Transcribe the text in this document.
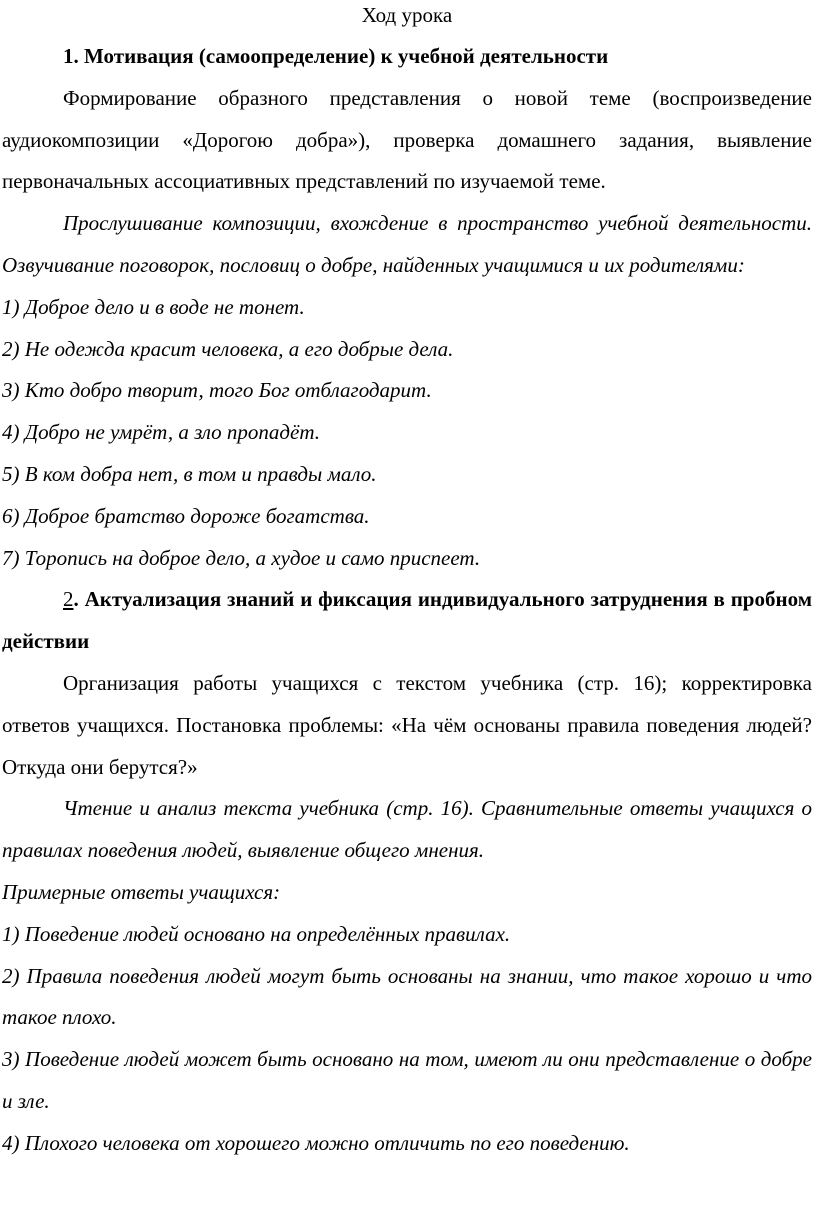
Ход урока

1. Мотивация (самоопределение) к учебной деятельности

Формирование образного представления о новой теме (воспроизведение аудиокомпозиции «Дорогою добра»), проверка домашнего задания, выявление первоначальных ассоциативных представлений по изучаемой теме.

Прослушивание композиции, вхождение в пространство учебной деятельности. Озвучивание поговорок, пословиц о добре, найденных учащимися и их родителями:

1) Доброе дело и в воде не тонет.

2) Не одежда красит человека, а его добрые дела.

3) Кто добро творит, того Бог отблагодарит.

4) Добро не умрёт, а зло пропадёт.

5) В ком добра нет, в том и правды мало.

6) Доброе братство дороже богатства.

7) Торопись на доброе дело, а худое и само приспеет.

2. Актуализация знаний и фиксация индивидуального затруднения в пробном действии

Организация работы учащихся с текстом учебника (стр. 16); корректировка ответов учащихся. Постановка проблемы: «На чём основаны правила поведения людей? Откуда они берутся?»

Чтение и анализ текста учебника (стр. 16). Сравнительные ответы учащихся о правилах поведения людей, выявление общего мнения.

Примерные ответы учащихся:

1) Поведение людей основано на определённых правилах.

2) Правила поведения людей могут быть основаны на знании, что такое хорошо и что такое плохо.

3) Поведение людей может быть основано на том, имеют ли они представление о добре и зле.

4) Плохого человека от хорошего можно отличить по его поведению.
